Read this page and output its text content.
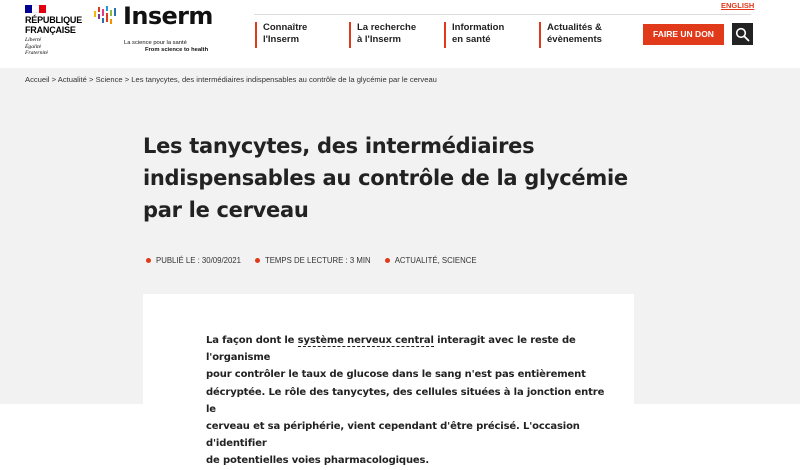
RÉPUBLIQUE
FRANÇAISE
Liberté
Égalité
Fraternité
Inserm
La science pour la santé
From science to health
ENGLISH
Connaître
l'Inserm
La recherche
à l'Inserm
Information
en santé
Actualités &
évènements	FAIRE UN DON
Accueil > Actualité > Science > Les tanycytes, des intermédiaires indispensables au contrôle de la glycémie par le cerveau
Les tanycytes, des intermédiaires
indispensables au contrôle de la glycémie
par le cerveau
PUBLIÉ LE : 30/09/2021	TEMPS DE LECTURE : 3 MIN	ACTUALITÉ, SCIENCE

La façon dont le système nerveux central interagit avec le reste de l'organisme
pour contrôler le taux de glucose dans le sang n'est pas entièrement
décryptée. Le rôle des tanycytes, des cellules situées à la jonction entre le
cerveau et sa périphérie, vient cependant d'être précisé. L'occasion d'identifier
de potentielles voies pharmacologiques.
